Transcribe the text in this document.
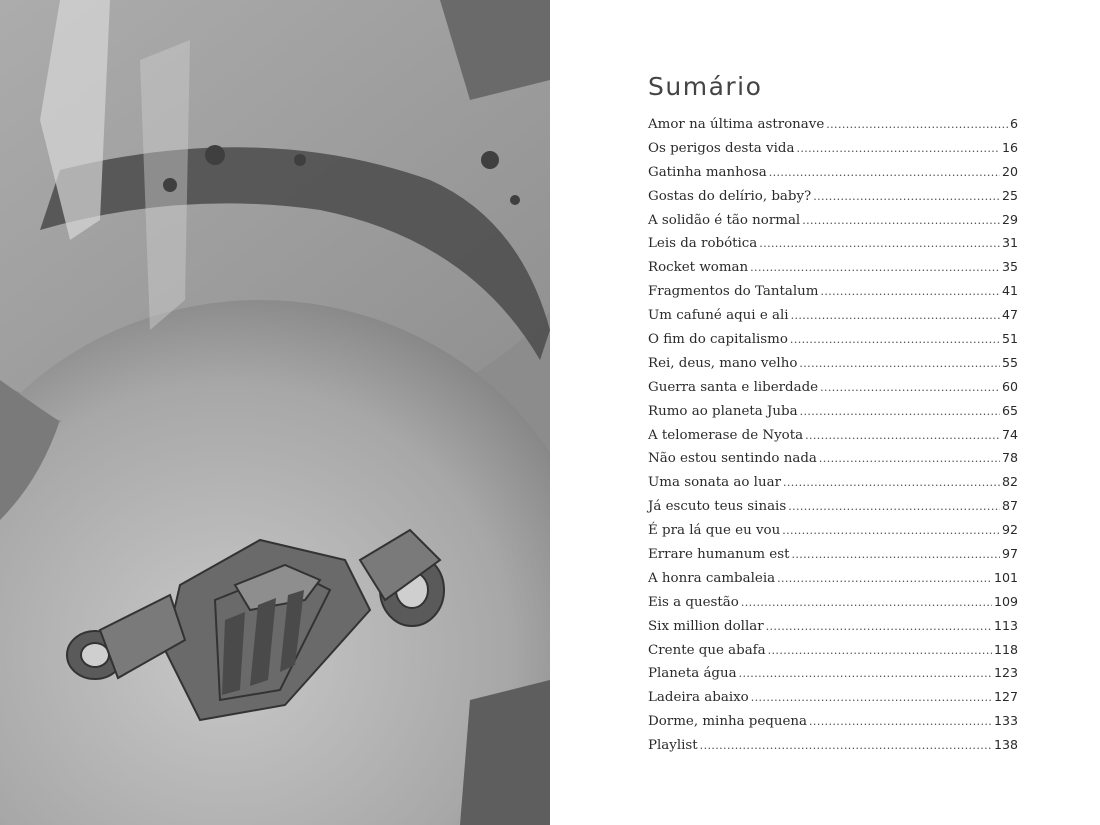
Sumário
Amor na última astronave .....	6
Os perigos desta vida .....	16
Gatinha manhosa .....	20
Gostas do delírio, baby? .....	25
A solidão é tão normal .....	29
Leis da robótica .....	31
Rocket woman .....	35
Fragmentos do Tantalum .....	41
Um cafuné aqui e ali .....	47
O fim do capitalismo .....	51
Rei, deus, mano velho .....	55
Guerra santa e liberdade .....	60
Rumo ao planeta Juba .....	65
A telomerase de Nyota .....	74
Não estou sentindo nada .....	78
Uma sonata ao luar .....	82
Já escuto teus sinais .....	87
É pra lá que eu vou .....	92
Errare humanum est .....	97
A honra cambaleia .....	101
Eis a questão .....	109
Six million dollar .....	113
Crente que abafa .....	118
Planeta água .....	123
Ladeira abaixo .....	127
Dorme, minha pequena .....	133
Playlist .....	138
